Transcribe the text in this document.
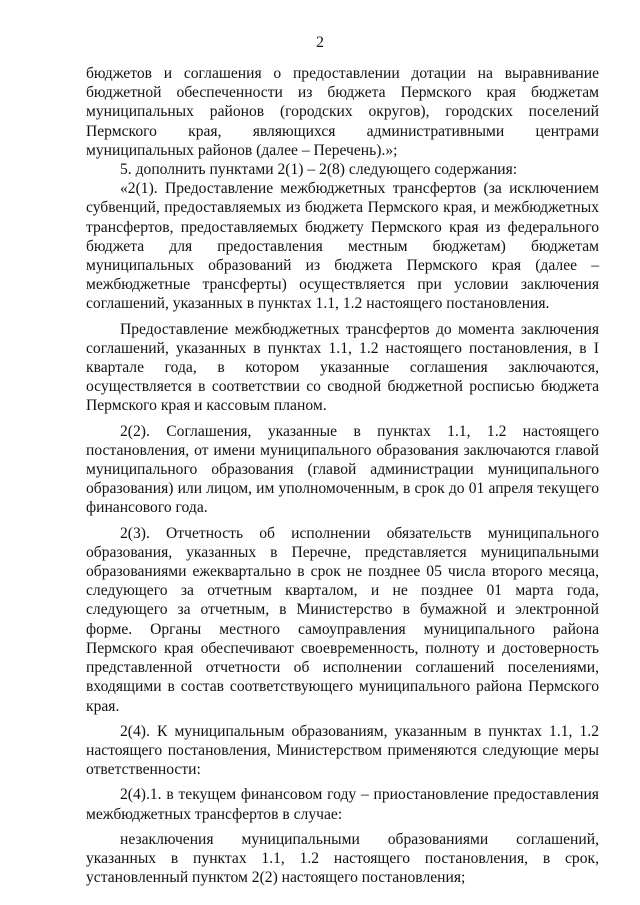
2

бюджетов и соглашения о предоставлении дотации на выравнивание бюджетной обеспеченности из бюджета Пермского края бюджетам муниципальных районов (городских округов), городских поселений Пермского края, являющихся административными центрами муниципальных районов (далее – Перечень).»;

5. дополнить пунктами 2(1) – 2(8) следующего содержания:

«2(1). Предоставление межбюджетных трансфертов (за исключением субвенций, предоставляемых из бюджета Пермского края, и межбюджетных трансфертов, предоставляемых бюджету Пермского края из федерального бюджета для предоставления местным бюджетам) бюджетам муниципальных образований из бюджета Пермского края (далее – межбюджетные трансферты) осуществляется при условии заключения соглашений, указанных в пунктах 1.1, 1.2 настоящего постановления.

Предоставление межбюджетных трансфертов до момента заключения соглашений, указанных в пунктах 1.1, 1.2 настоящего постановления, в I квартале года, в котором указанные соглашения заключаются, осуществляется в соответствии со сводной бюджетной росписью бюджета Пермского края и кассовым планом.

2(2). Соглашения, указанные в пунктах 1.1, 1.2 настоящего постановления, от имени муниципального образования заключаются главой муниципального образования (главой администрации муниципального образования) или лицом, им уполномоченным, в срок до 01 апреля текущего финансового года.

2(3). Отчетность об исполнении обязательств муниципального образования, указанных в Перечне, представляется муниципальными образованиями ежеквартально в срок не позднее 05 числа второго месяца, следующего за отчетным кварталом, и не позднее 01 марта года, следующего за отчетным, в Министерство в бумажной и электронной форме. Органы местного самоуправления муниципального района Пермского края обеспечивают своевременность, полноту и достоверность представленной отчетности об исполнении соглашений поселениями, входящими в состав соответствующего муниципального района Пермского края.

2(4). К муниципальным образованиям, указанным в пунктах 1.1, 1.2 настоящего постановления, Министерством применяются следующие меры ответственности:

2(4).1. в текущем финансовом году – приостановление предоставления межбюджетных трансфертов в случае:

незаключения муниципальными образованиями соглашений, указанных в пунктах 1.1, 1.2 настоящего постановления, в срок, установленный пунктом 2(2) настоящего постановления;
